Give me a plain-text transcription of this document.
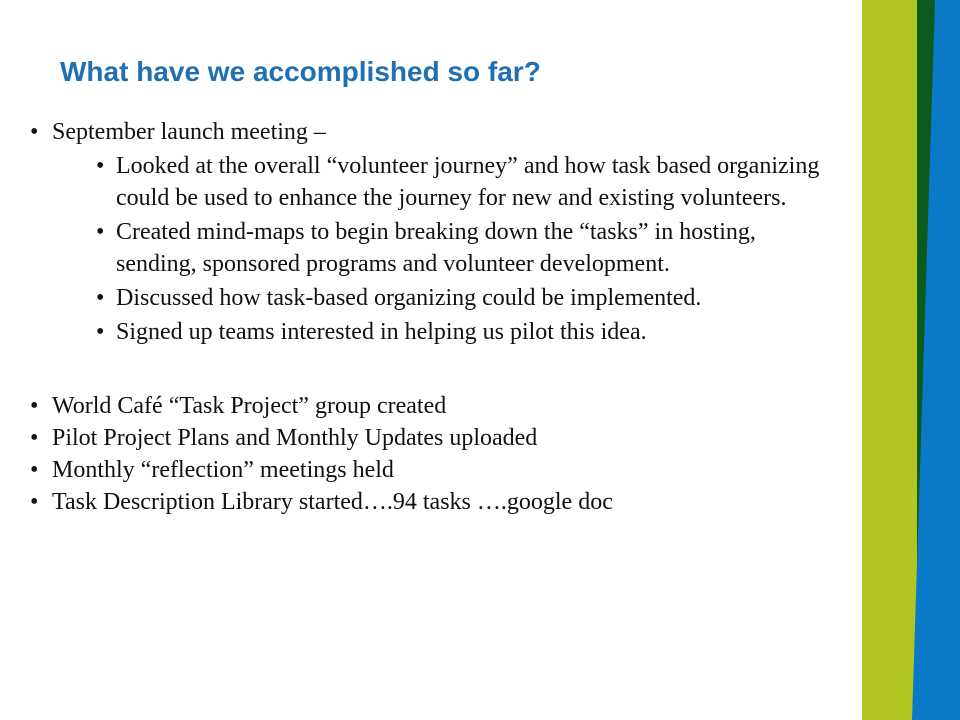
What have we accomplished so far?
• September launch meeting –
• Looked at the overall “volunteer journey” and how task based organizing could be used to enhance the journey for new and existing volunteers.
• Created mind-maps to begin breaking down the “tasks” in hosting, sending, sponsored programs and volunteer development.
• Discussed how task-based organizing could be implemented.
• Signed up teams interested in helping us pilot this idea.
• World Café “Task Project” group created
• Pilot Project Plans and Monthly Updates uploaded
• Monthly “reflection” meetings held
• Task Description Library started….94 tasks ….google doc
